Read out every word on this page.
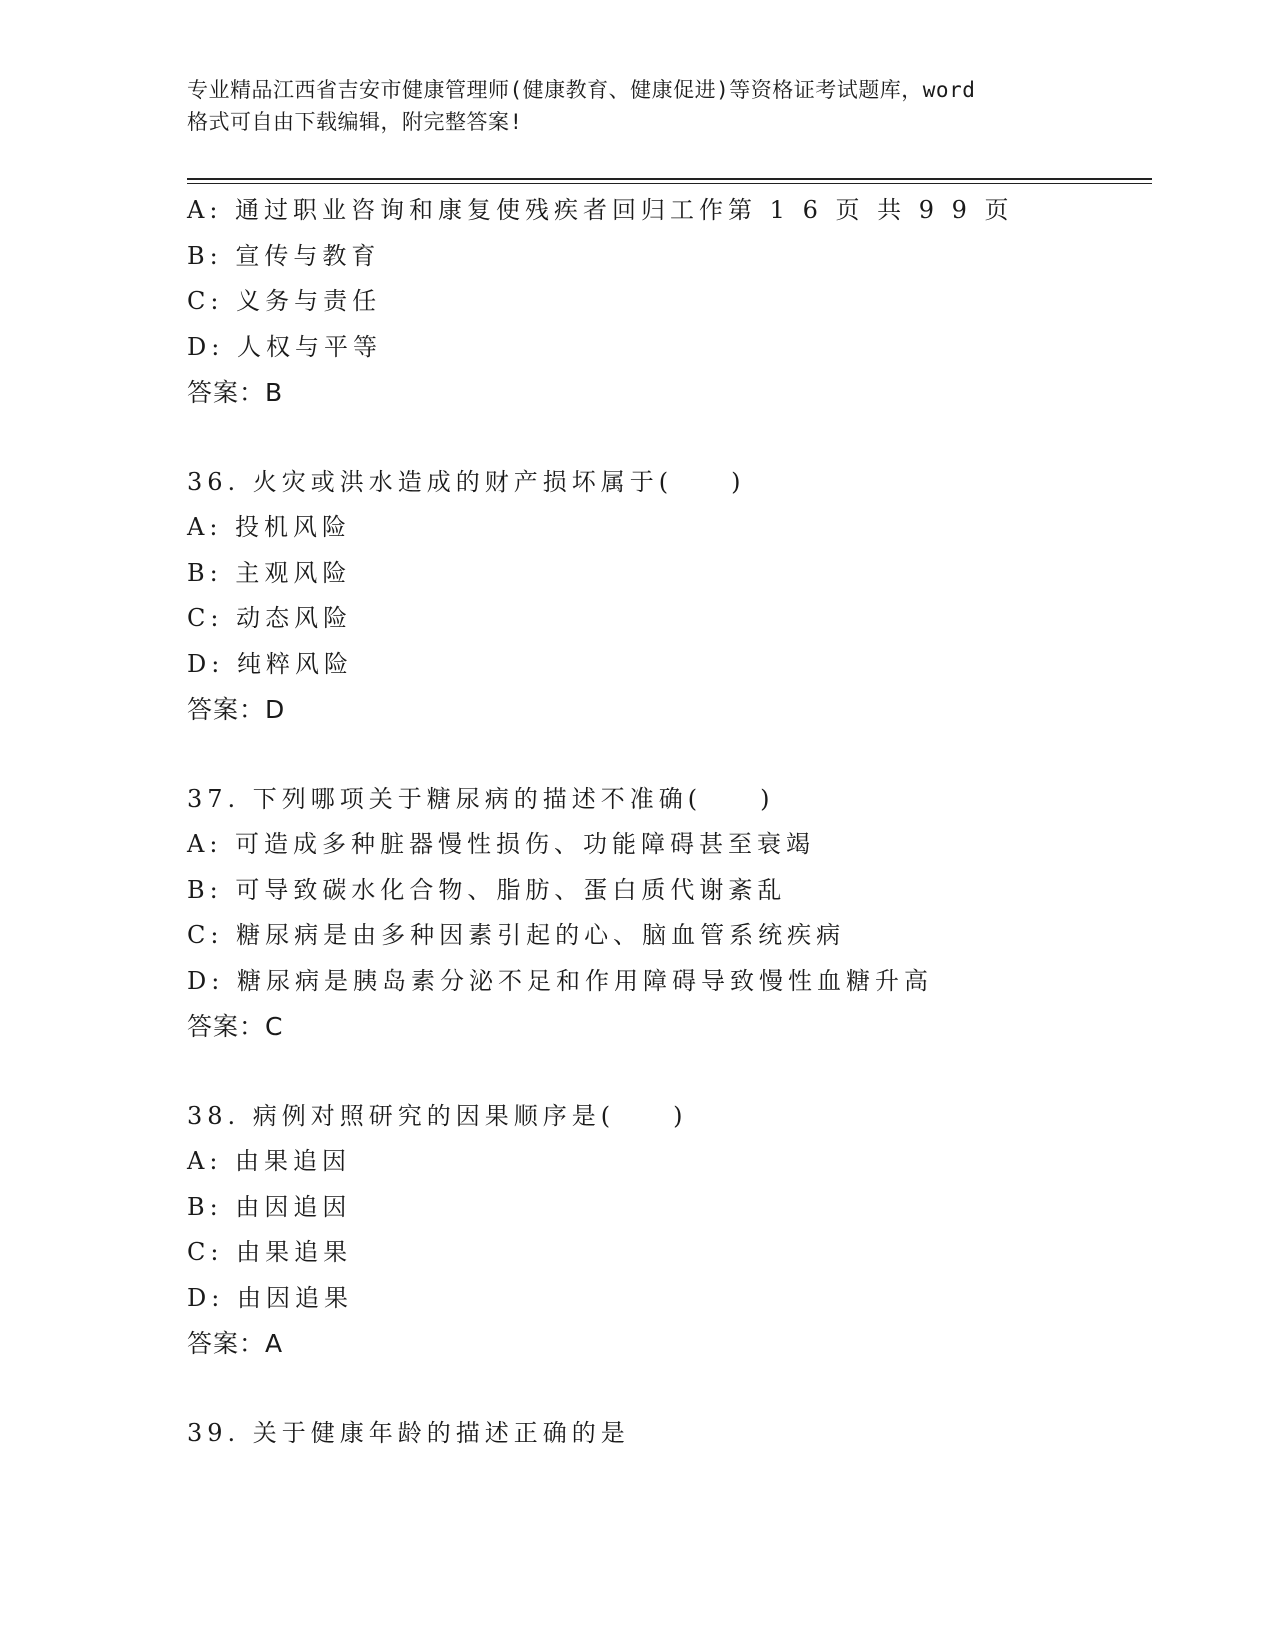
专业精品江西省吉安市健康管理师(健康教育、健康促进)等资格证考试题库，word
格式可自由下载编辑，附完整答案!
A: 通过职业咨询和康复使残疾者回归工作第 1 6 页 共 9 9 页
B: 宣传与教育
C: 义务与责任
D: 人权与平等
答案：B
36. 火灾或洪水造成的财产损坏属于(　　)
A: 投机风险
B: 主观风险
C: 动态风险
D: 纯粹风险
答案：D
37. 下列哪项关于糖尿病的描述不准确(　　)
A: 可造成多种脏器慢性损伤、功能障碍甚至衰竭
B: 可导致碳水化合物、脂肪、蛋白质代谢紊乱
C: 糖尿病是由多种因素引起的心、脑血管系统疾病
D: 糖尿病是胰岛素分泌不足和作用障碍导致慢性血糖升高
答案：C
38. 病例对照研究的因果顺序是(　　)
A: 由果追因
B: 由因追因
C: 由果追果
D: 由因追果
答案：A
39. 关于健康年龄的描述正确的是
